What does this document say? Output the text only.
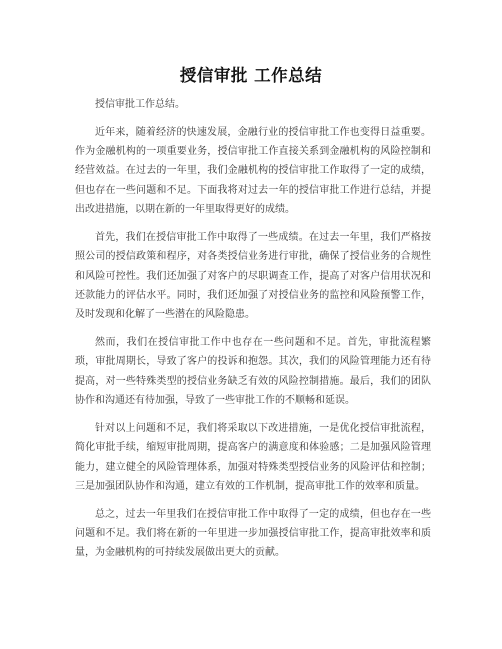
授信审批 工作总结

授信审批工作总结。

近年来，随着经济的快速发展，金融行业的授信审批工作也变得日益重要。作为金融机构的一项重要业务，授信审批工作直接关系到金融机构的风险控制和经营效益。在过去的一年里，我们金融机构的授信审批工作取得了一定的成绩，但也存在一些问题和不足。下面我将对过去一年的授信审批工作进行总结，并提出改进措施，以期在新的一年里取得更好的成绩。

首先，我们在授信审批工作中取得了一些成绩。在过去一年里，我们严格按照公司的授信政策和程序，对各类授信业务进行审批，确保了授信业务的合规性和风险可控性。我们还加强了对客户的尽职调查工作，提高了对客户信用状况和还款能力的评估水平。同时，我们还加强了对授信业务的监控和风险预警工作，及时发现和化解了一些潜在的风险隐患。

然而，我们在授信审批工作中也存在一些问题和不足。首先，审批流程繁琐，审批周期长，导致了客户的投诉和抱怨。其次，我们的风险管理能力还有待提高，对一些特殊类型的授信业务缺乏有效的风险控制措施。最后，我们的团队协作和沟通还有待加强，导致了一些审批工作的不顺畅和延误。

针对以上问题和不足，我们将采取以下改进措施，一是优化授信审批流程，简化审批手续，缩短审批周期，提高客户的满意度和体验感；二是加强风险管理能力，建立健全的风险管理体系，加强对特殊类型授信业务的风险评估和控制；三是加强团队协作和沟通，建立有效的工作机制，提高审批工作的效率和质量。

总之，过去一年里我们在授信审批工作中取得了一定的成绩，但也存在一些问题和不足。我们将在新的一年里进一步加强授信审批工作，提高审批效率和质量，为金融机构的可持续发展做出更大的贡献。
